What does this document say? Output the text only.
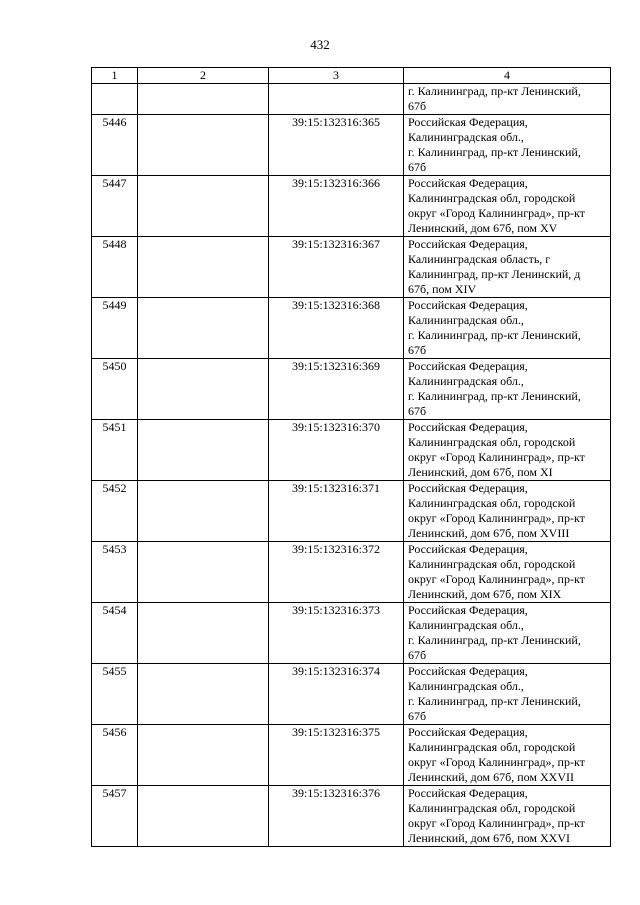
432
1	2	3	4

			г. Калининград, пр-кт Ленинский,
67б

5446		39:15:132316:365	Российская Федерация,
Калининградская обл.,
г. Калининград, пр-кт Ленинский,
67б

5447		39:15:132316:366	Российская Федерация,
Калининградская обл, городской
округ «Город Калининград», пр-кт
Ленинский, дом 67б, пом XV

5448		39:15:132316:367	Российская Федерация,
Калининградская область, г
Калининград, пр-кт Ленинский, д
67б, пом XIV

5449		39:15:132316:368	Российская Федерация,
Калининградская обл.,
г. Калининград, пр-кт Ленинский,
67б

5450		39:15:132316:369	Российская Федерация,
Калининградская обл.,
г. Калининград, пр-кт Ленинский,
67б

5451		39:15:132316:370	Российская Федерация,
Калининградская обл, городской
округ «Город Калининград», пр-кт
Ленинский, дом 67б, пом XI

5452		39:15:132316:371	Российская Федерация,
Калининградская обл, городской
округ «Город Калининград», пр-кт
Ленинский, дом 67б, пом XVIII

5453		39:15:132316:372	Российская Федерация,
Калининградская обл, городской
округ «Город Калининград», пр-кт
Ленинский, дом 67б, пом XIX

5454		39:15:132316:373	Российская Федерация,
Калининградская обл.,
г. Калининград, пр-кт Ленинский,
67б

5455		39:15:132316:374	Российская Федерация,
Калининградская обл.,
г. Калининград, пр-кт Ленинский,
67б

5456		39:15:132316:375	Российская Федерация,
Калининградская обл, городской
округ «Город Калининград», пр-кт
Ленинский, дом 67б, пом XXVII

5457		39:15:132316:376	Российская Федерация,
Калининградская обл, городской
округ «Город Калининград», пр-кт
Ленинский, дом 67б, пом XXVI
